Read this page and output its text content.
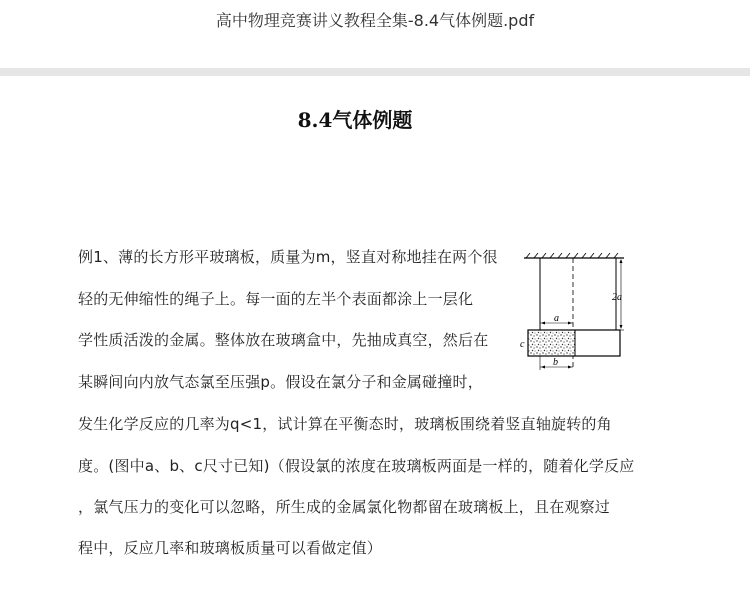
高中物理竞赛讲义教程全集-8.4气体例题.pdf
8.4气体例题
例1、薄的长方形平玻璃板，质量为m，竖直对称地挂在两个很
轻的无伸缩性的绳子上。每一面的左半个表面都涂上一层化
学性质活泼的金属。整体放在玻璃盒中，先抽成真空，然后在
某瞬间向内放气态氯至压强p。假设在氯分子和金属碰撞时，
发生化学反应的几率为q<1，试计算在平衡态时，玻璃板围绕着竖直轴旋转的角
度。(图中a、b、c尺寸已知)（假设氯的浓度在玻璃板两面是一样的，随着化学反应
，氯气压力的变化可以忽略，所生成的金属氯化物都留在玻璃板上，且在观察过
程中，反应几率和玻璃板质量可以看做定值）
2a
a
c
b
